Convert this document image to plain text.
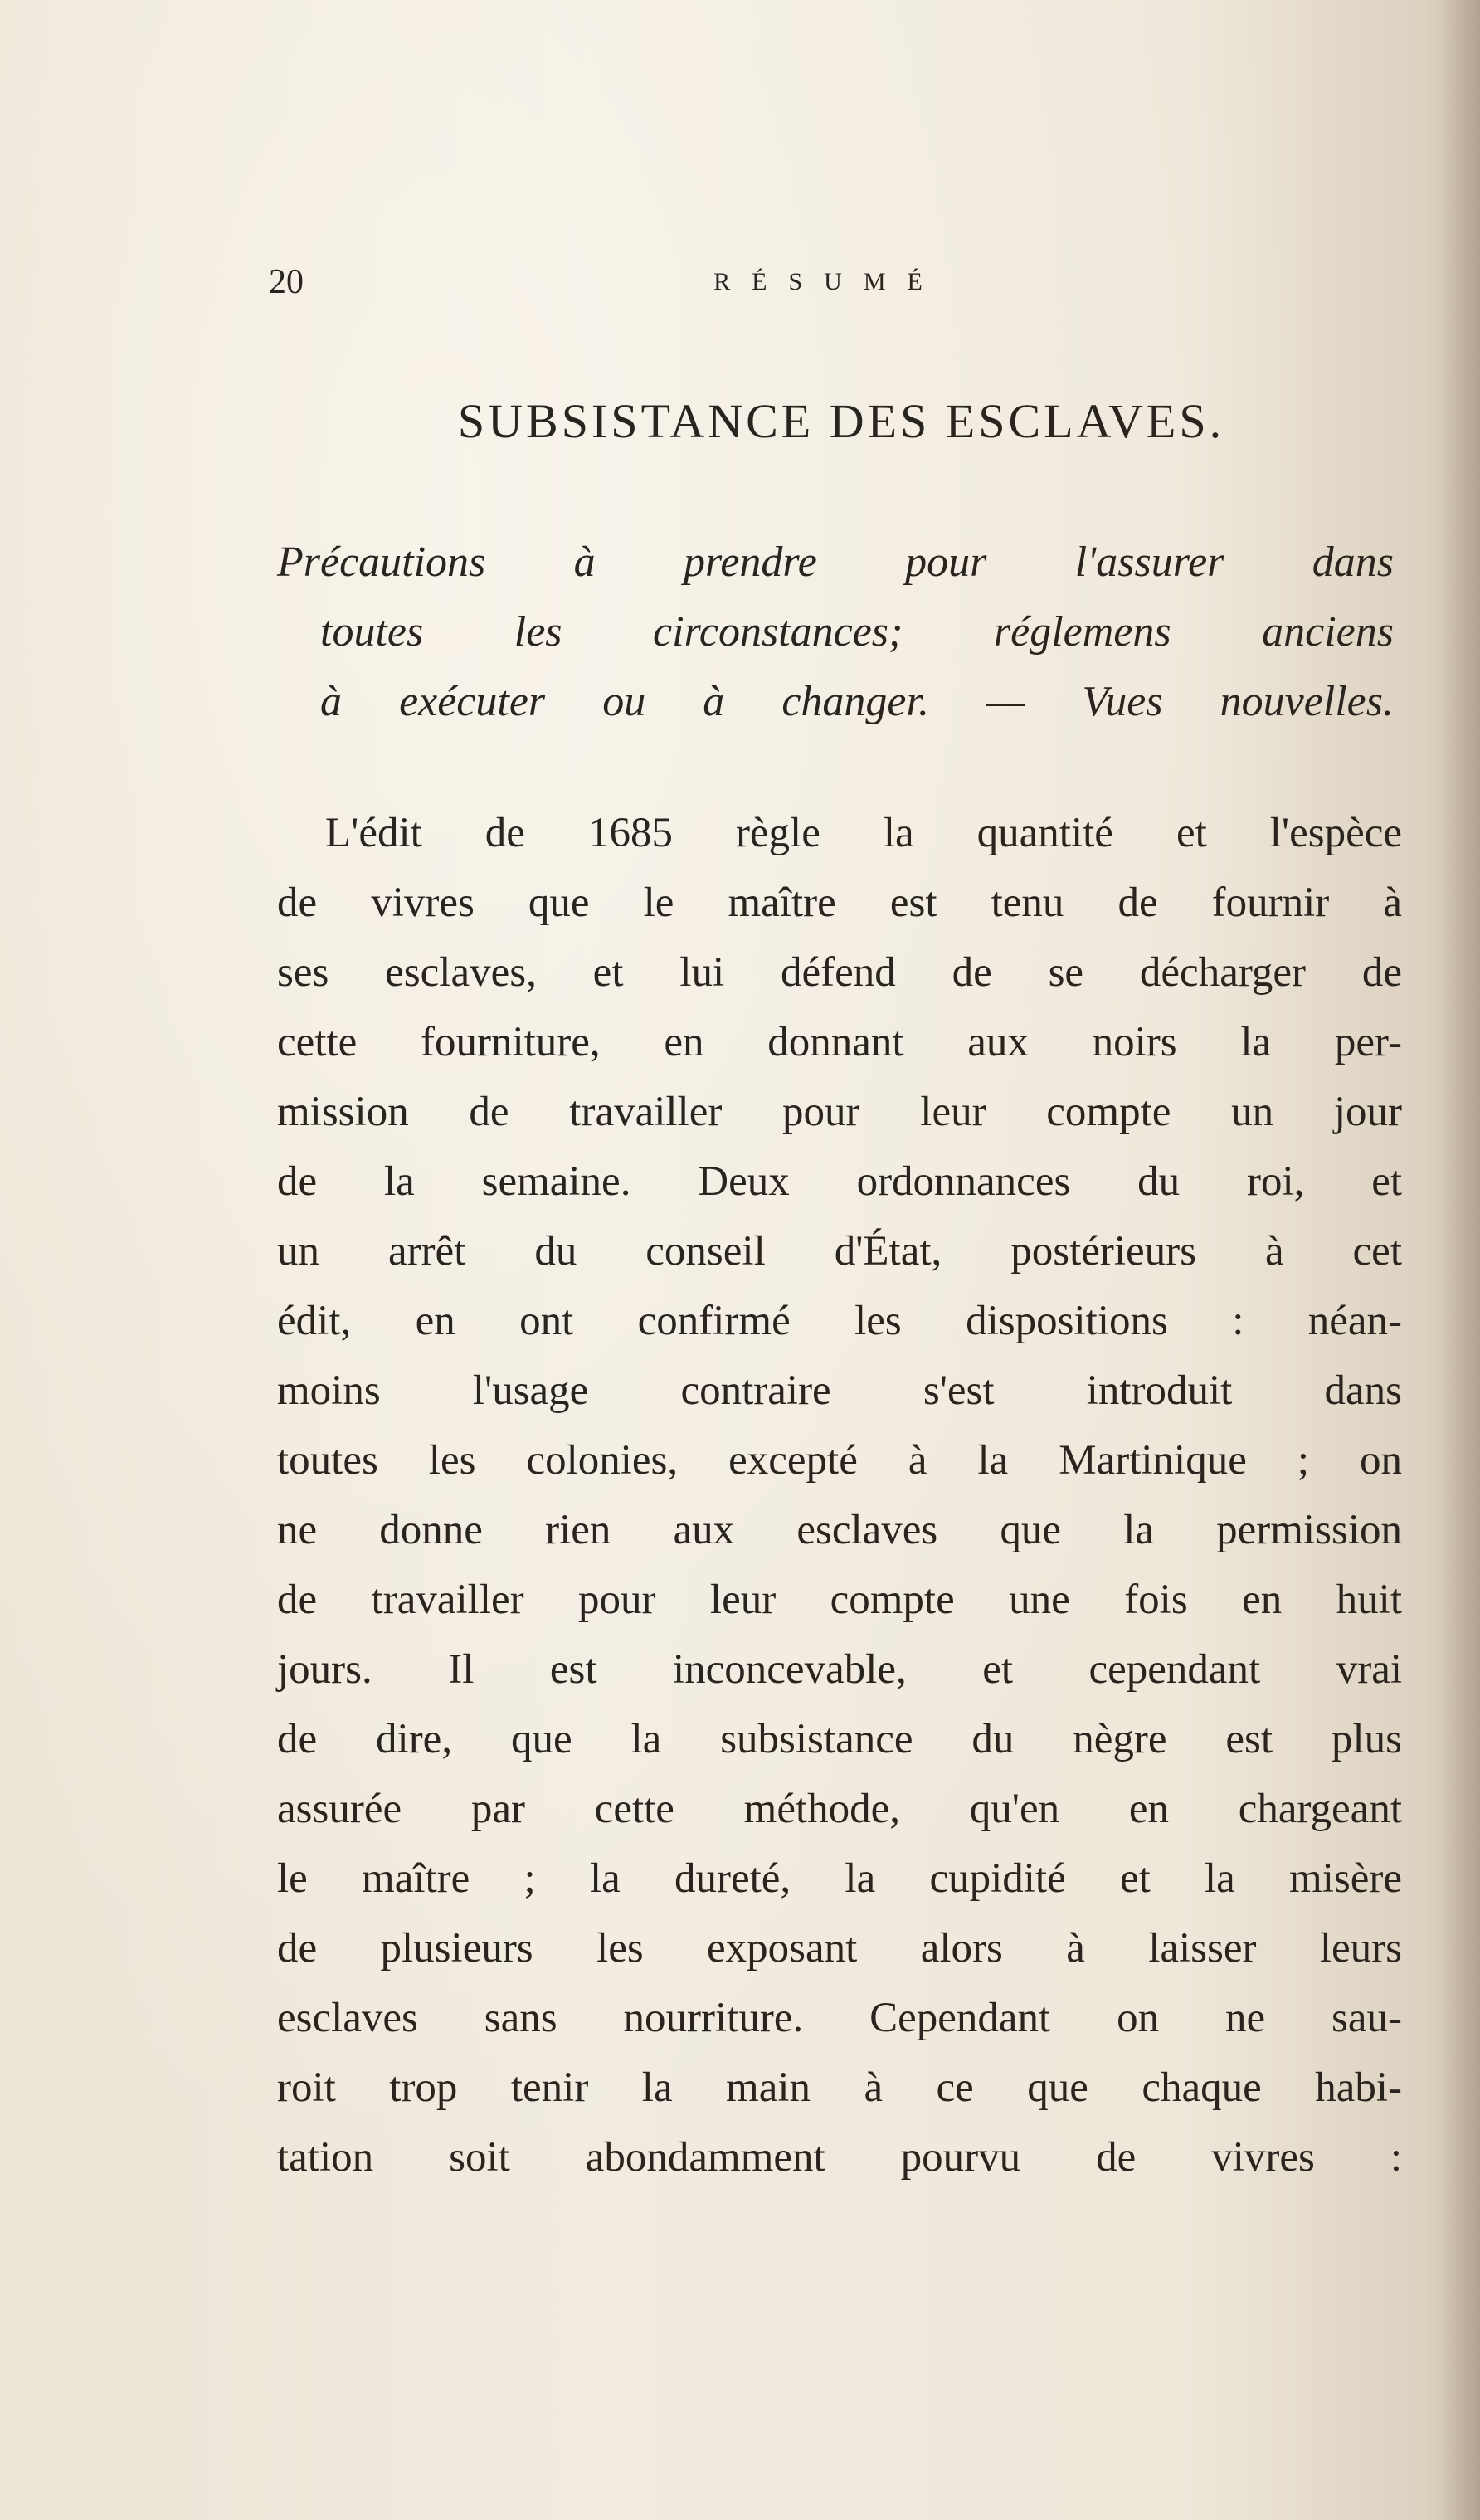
20	RÉSUMÉ
SUBSISTANCE DES ESCLAVES.
Précautions à prendre pour l'assurer dans
toutes les circonstances; réglemens anciens
à exécuter ou à changer. — Vues nouvelles.
L'édit de 1685 règle la quantité et l'espèce
de vivres que le maître est tenu de fournir à
ses esclaves, et lui défend de se décharger de
cette fourniture, en donnant aux noirs la per-
mission de travailler pour leur compte un jour
de la semaine. Deux ordonnances du roi, et
un arrêt du conseil d'État, postérieurs à cet
édit, en ont confirmé les dispositions : néan-
moins l'usage contraire s'est introduit dans
toutes les colonies, excepté à la Martinique ; on
ne donne rien aux esclaves que la permission
de travailler pour leur compte une fois en huit
jours. Il est inconcevable, et cependant vrai
de dire, que la subsistance du nègre est plus
assurée par cette méthode, qu'en en chargeant
le maître ; la dureté, la cupidité et la misère
de plusieurs les exposant alors à laisser leurs
esclaves sans nourriture. Cependant on ne sau-
roit trop tenir la main à ce que chaque habi-
tation soit abondamment pourvu de vivres :
